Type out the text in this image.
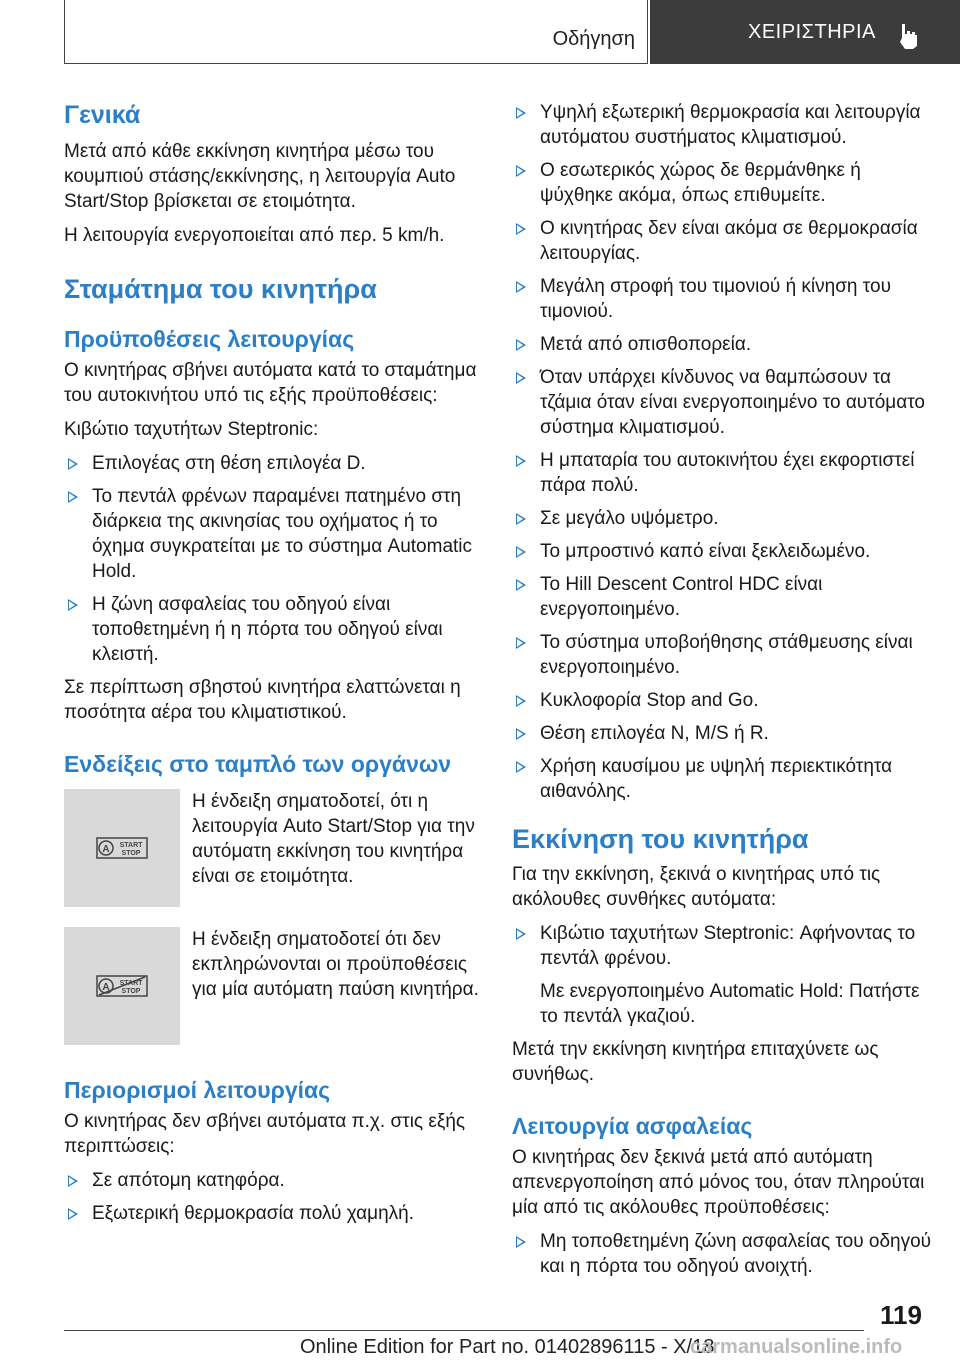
Οδήγηση	ΧΕΙΡΙΣΤΗΡΙΑ
Γενικά

Μετά από κάθε εκκίνηση κινητήρα μέσω του κουμπιού στάσης/εκκίνησης, η λειτουργία Auto Start/Stop βρίσκεται σε ετοιμότητα.

Η λειτουργία ενεργοποιείται από περ. 5 km/h.

Σταμάτημα του κινητήρα
Προϋποθέσεις λειτουργίας

Ο κινητήρας σβήνει αυτόματα κατά το σταμάτημα του αυτοκινήτου υπό τις εξής προϋποθέσεις:

Κιβώτιο ταχυτήτων Steptronic:

Επιλογέας στη θέση επιλογέα D.
Το πεντάλ φρένων παραμένει πατημένο στη διάρκεια της ακινησίας του οχήματος ή το όχημα συγκρατείται με το σύστημα Automatic Hold.
Η ζώνη ασφαλείας του οδηγού είναι τοποθετημένη ή η πόρτα του οδηγού είναι κλειστή.

Σε περίπτωση σβηστού κινητήρα ελαττώνεται η ποσότητα αέρα του κλιματιστικού.

Ενδείξεις στο ταμπλό των οργάνων
A START
STOP
Η ένδειξη σηματοδοτεί, ότι η λειτουργία Auto Start/Stop για την αυτόματη εκκίνηση του κινητήρα είναι σε ετοιμότητα.
A START
STOP
Η ένδειξη σηματοδοτεί ότι δεν εκπληρώνονται οι προϋποθέσεις για μία αυτόματη παύση κινητήρα.
Περιορισμοί λειτουργίας

Ο κινητήρας δεν σβήνει αυτόματα π.χ. στις εξής περιπτώσεις:

Σε απότομη κατηφόρα.
Εξωτερική θερμοκρασία πολύ χαμηλή.
Υψηλή εξωτερική θερμοκρασία και λειτουργία αυτόματου συστήματος κλιματισμού.
Ο εσωτερικός χώρος δε θερμάνθηκε ή ψύχθηκε ακόμα, όπως επιθυμείτε.
Ο κινητήρας δεν είναι ακόμα σε θερμοκρασία λειτουργίας.
Μεγάλη στροφή του τιμονιού ή κίνηση του τιμονιού.
Μετά από οπισθοπορεία.
Όταν υπάρχει κίνδυνος να θαμπώσουν τα τζάμια όταν είναι ενεργοποιημένο το αυτόματο σύστημα κλιματισμού.
Η μπαταρία του αυτοκινήτου έχει εκφορτιστεί πάρα πολύ.
Σε μεγάλο υψόμετρο.
Το μπροστινό καπό είναι ξεκλειδωμένο.
Το Hill Descent Control HDC είναι ενεργοποιημένο.
Το σύστημα υποβοήθησης στάθμευσης είναι ενεργοποιημένο.
Κυκλοφορία Stop and Go.
Θέση επιλογέα N, M/S ή R.
Χρήση καυσίμου με υψηλή περιεκτικότητα αιθανόλης.
Εκκίνηση του κινητήρα

Για την εκκίνηση, ξεκινά ο κινητήρας υπό τις ακόλουθες συνθήκες αυτόματα:

Κιβώτιο ταχυτήτων Steptronic: Αφήνοντας το πεντάλ φρένου.
Με ενεργοποιημένο Automatic Hold: Πατήστε το πεντάλ γκαζιού.

Μετά την εκκίνηση κινητήρα επιταχύνετε ως συνήθως.

Λειτουργία ασφαλείας

Ο κινητήρας δεν ξεκινά μετά από αυτόματη απενεργοποίηση από μόνος του, όταν πληρούται μία από τις ακόλουθες προϋποθέσεις:

Μη τοποθετημένη ζώνη ασφαλείας του οδηγού και η πόρτα του οδηγού ανοιχτή.
119
Online Edition for Part no. 01402896115 - X/18
carmanualsonline.info
